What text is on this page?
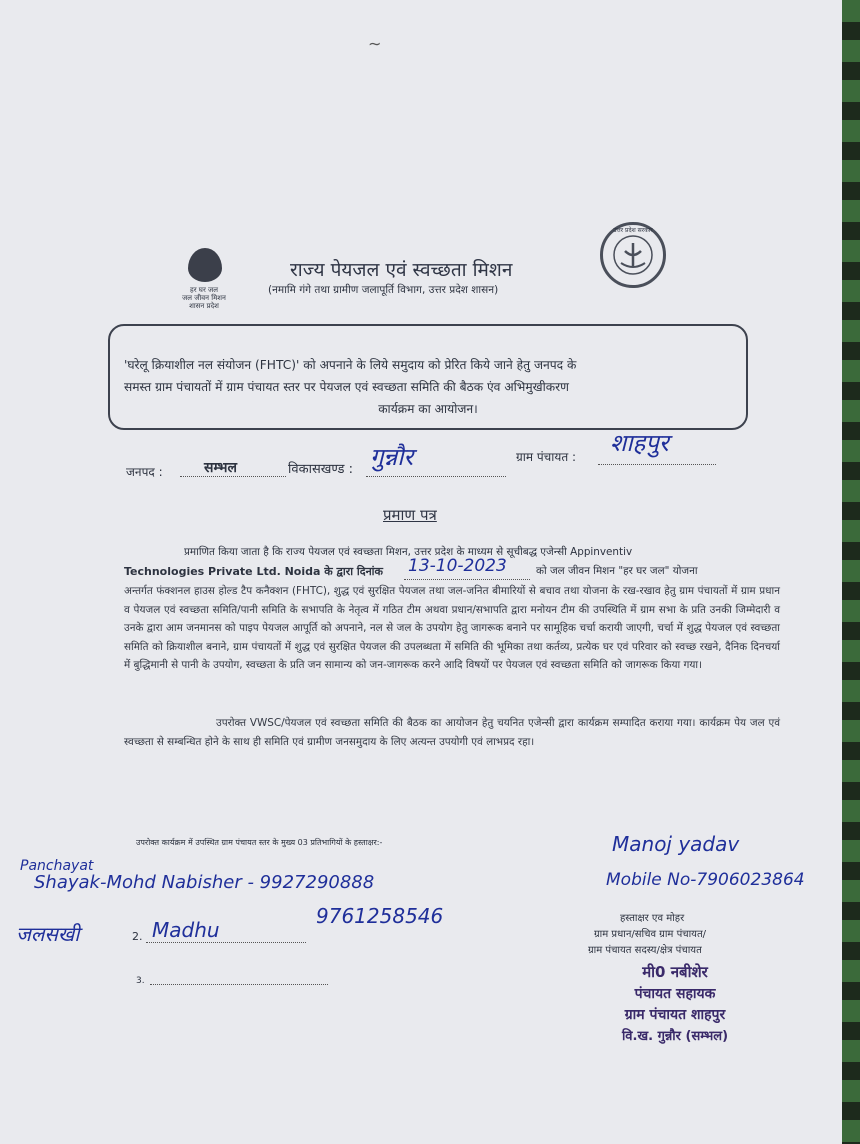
∼
हर घर जल
जल जीवन मिशन
शासन प्रदेश
राज्य पेयजल एवं स्वच्छता मिशन
(नमामि गंगे तथा ग्रामीण जलापूर्ति विभाग, उत्तर प्रदेश शासन)
उत्तर प्रदेश सरकार
'घरेलू क्रियाशील नल संयोजन (FHTC)' को अपनाने के लिये समुदाय को प्रेरित किये जाने हेतु जनपद के
समस्त ग्राम पंचायतों में ग्राम पंचायत स्तर पर पेयजल एवं स्वच्छता समिति की बैठक एंव अभिमुखीकरण
कार्यक्रम का आयोजन।
जनपद :	सम्भल	विकासखण्ड : गुन्नौर	ग्राम पंचायत : शाहपुर
प्रमाण पत्र
प्रमाणित किया जाता है कि राज्य पेयजल एवं स्वच्छता मिशन, उत्तर प्रदेश के माध्यम से सूचीबद्ध एजेन्सी Appinventiv
Technologies Private Ltd. Noida के द्वारा दिनांक 13-10-2023	को जल जीवन मिशन "हर घर जल" योजना
अन्तर्गत फंक्शनल हाउस होल्ड टैप कनैक्शन (FHTC), शुद्ध एवं सुरक्षित पेयजल तथा जल-जनित बीमारियों से बचाव तथा योजना के रख-रखाव हेतु ग्राम पंचायतों में ग्राम प्रधान व पेयजल एवं स्वच्छता समिति/पानी समिति के सभापति के नेतृत्व में गठित टीम अथवा प्रधान/सभापति द्वारा मनोयन टीम की उपस्थिति में ग्राम सभा के प्रति उनकी जिम्मेदारी व उनके द्वारा आम जनमानस को पाइप पेयजल आपूर्ति को अपनाने, नल से जल के उपयोग हेतु जागरूक बनाने पर सामूहिक चर्चा करायी जाएगी, चर्चा में शुद्ध पेयजल एवं स्वच्छता समिति को क्रियाशील बनाने, ग्राम पंचायतों में शुद्ध एवं सुरक्षित पेयजल की उपलब्धता में समिति की भूमिका तथा कर्तव्य, प्रत्येक घर एवं परिवार को स्वच्छ रखने, दैनिक दिनचर्या में बुद्धिमानी से पानी के उपयोग, स्वच्छता के प्रति जन सामान्य को जन-जागरूक करने आदि विषयों पर पेयजल एवं स्वच्छता समिति को जागरूक किया गया।
उपरोक्त VWSC/पेयजल एवं स्वच्छता समिति की बैठक का आयोजन हेतु चयनित एजेन्सी द्वारा कार्यक्रम सम्पादित कराया गया। कार्यक्रम पेय जल एवं स्वच्छता से सम्बन्धित होने के साथ ही समिति एवं ग्रामीण जनसमुदाय के लिए अत्यन्त उपयोगी एवं लाभप्रद रहा।
उपरोक्त कार्यक्रम में उपस्थित ग्राम पंचायत स्तर के मुख्य 03 प्रतिभागियों के हस्ताक्षर:-
Panchayat
Shayak-Mohd Nabisher - 9927290888
जलसखी	2. Madhu
9761258546
3.
Manoj yadav
Mobile No-7906023864
हस्ताक्षर एव मोहर
ग्राम प्रधान/सचिव ग्राम पंचायत/
ग्राम पंचायत सदस्य/क्षेत्र पंचायत
मी0 नबीशेर
पंचायत सहायक
ग्राम पंचायत शाहपुर
वि.ख. गुन्नौर (सम्भल)
